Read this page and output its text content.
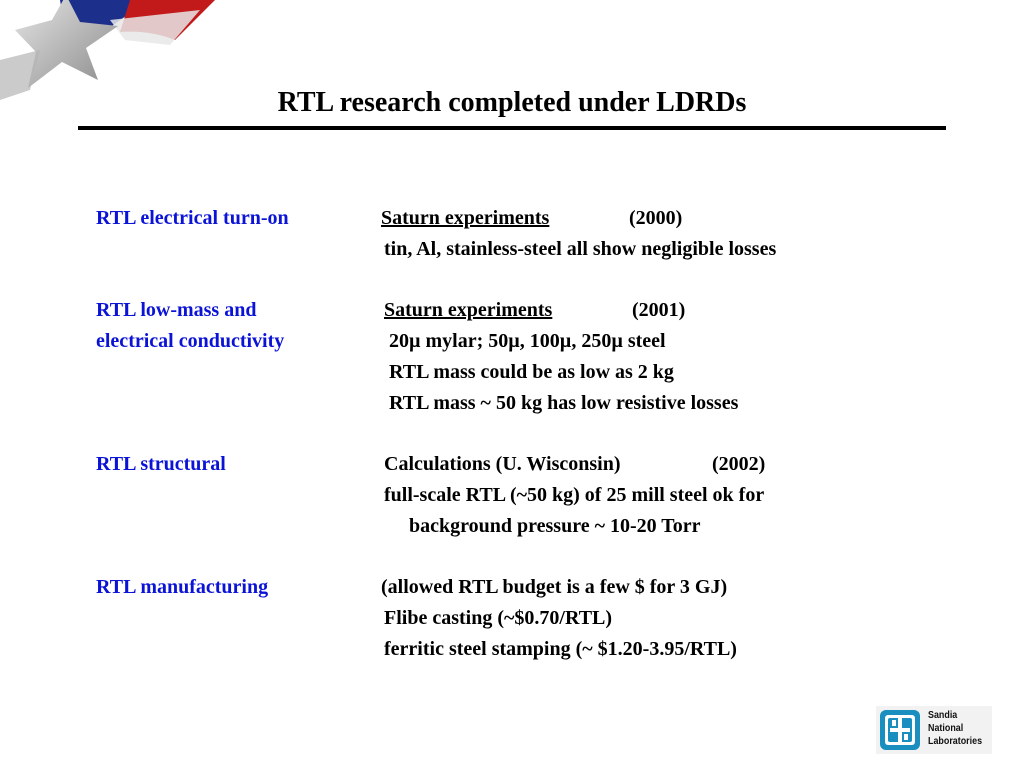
RTL research completed under LDRDs
RTL electrical turn-on	Saturn experiments	(2000)
tin, Al, stainless-steel all show negligible losses
RTL low-mass and
electrical conductivity
Saturn experiments	(2001)
20µ mylar; 50µ, 100µ, 250µ steel
RTL mass could be as low as 2 kg
RTL mass ~ 50 kg has low resistive losses
RTL structural	Calculations (U. Wisconsin)	(2002)
full-scale RTL (~50 kg) of 25 mill steel ok for
background pressure ~ 10-20 Torr
RTL manufacturing	(allowed RTL budget is a few $ for 3 GJ)
Flibe casting (~$0.70/RTL)
ferritic steel stamping (~ $1.20-3.95/RTL)
Sandia
National
Laboratories
